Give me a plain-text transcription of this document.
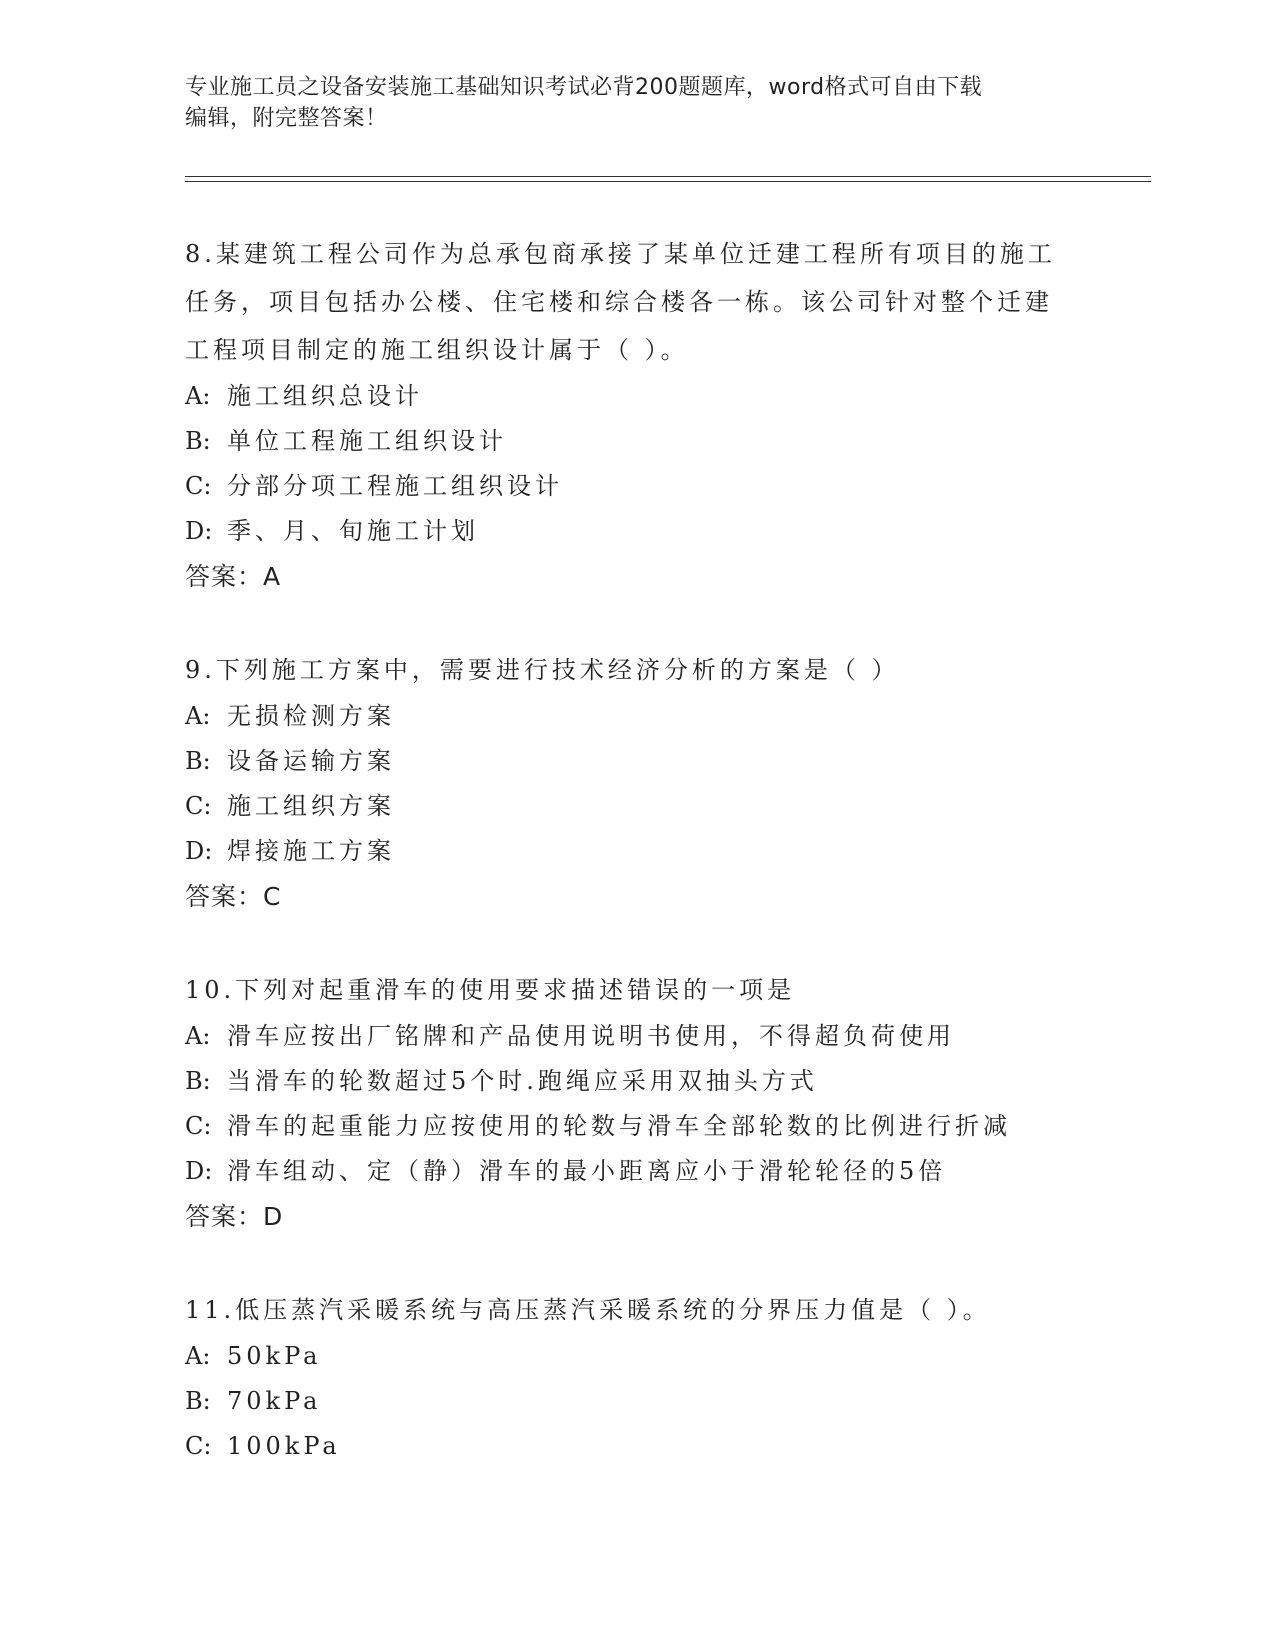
专业施工员之设备安装施工基础知识考试必背200题题库，word格式可自由下载
编辑，附完整答案！

8.某建筑工程公司作为总承包商承接了某单位迁建工程所有项目的施工任务，项目包括办公楼、住宅楼和综合楼各一栋。该公司针对整个迁建工程项目制定的施工组织设计属于（ ）。

A: 施工组织总设计

B: 单位工程施工组织设计

C: 分部分项工程施工组织设计

D: 季、月、旬施工计划

答案：A

9.下列施工方案中，需要进行技术经济分析的方案是（ ）

A: 无损检测方案

B: 设备运输方案

C: 施工组织方案

D: 焊接施工方案

答案：C

10.下列对起重滑车的使用要求描述错误的一项是

A: 滑车应按出厂铭牌和产品使用说明书使用，不得超负荷使用

B: 当滑车的轮数超过5个时.跑绳应采用双抽头方式

C: 滑车的起重能力应按使用的轮数与滑车全部轮数的比例进行折减

D: 滑车组动、定（静）滑车的最小距离应小于滑轮轮径的5倍

答案：D

11.低压蒸汽采暖系统与高压蒸汽采暖系统的分界压力值是（ ）。

A: 50kPa

B: 70kPa

C: 100kPa
